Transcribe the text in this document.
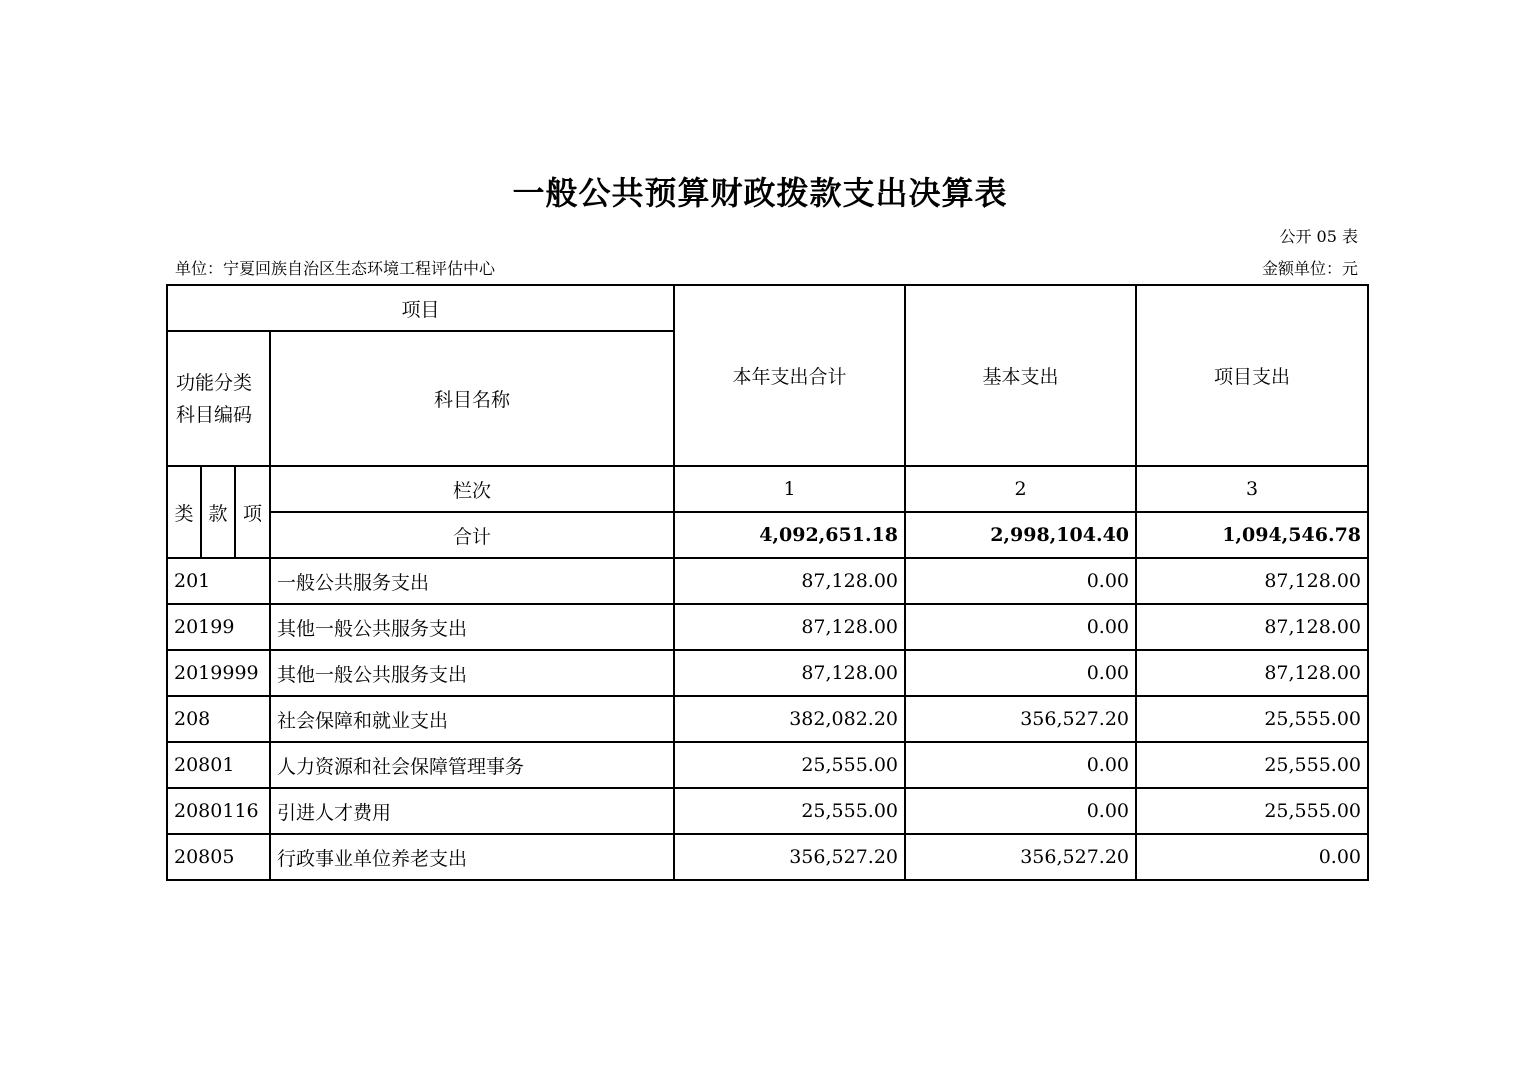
一般公共预算财政拨款支出决算表
公开 05 表
单位：宁夏回族自治区生态环境工程评估中心	金额单位：元
项目				本年支出合计	基本支出	项目支出

功能分类
科目编码			科目名称			
类	款	项	栏次	1	2	3
			合计	4,092,651.18	2,998,104.40	1,094,546.78
201			一般公共服务支出	87,128.00	0.00	87,128.00
20199			其他一般公共服务支出	87,128.00	0.00	87,128.00
2019999			其他一般公共服务支出	87,128.00	0.00	87,128.00
208			社会保障和就业支出	382,082.20	356,527.20	25,555.00
20801			人力资源和社会保障管理事务	25,555.00	0.00	25,555.00
2080116			引进人才费用	25,555.00	0.00	25,555.00
20805			行政事业单位养老支出	356,527.20	356,527.20	0.00
